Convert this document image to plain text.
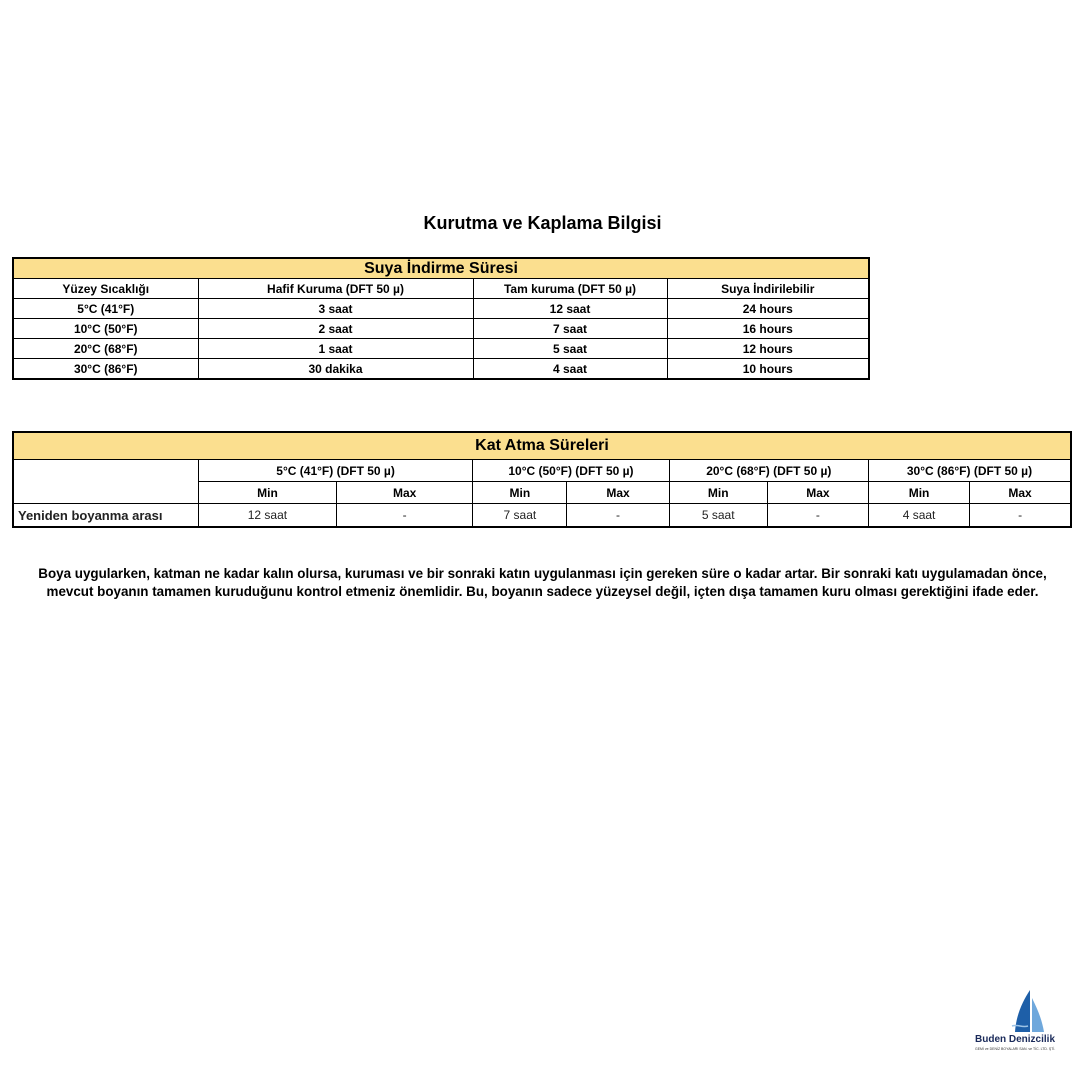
Kurutma ve Kaplama Bilgisi
Suya İndirme Süresi			
Yüzey Sıcaklığı	Hafif Kuruma (DFT 50 µ)	Tam kuruma (DFT 50 µ)	Suya İndirilebilir
5°C (41°F)	3 saat	12 saat	24 hours
10°C (50°F)	2 saat	7 saat	16 hours
20°C (68°F)	1 saat	5 saat	12 hours
30°C (86°F)	30 dakika	4 saat	10 hours
Kat Atma Süreleri								
	5°C (41°F) (DFT 50 µ)		10°C (50°F) (DFT 50 µ)		20°C (68°F) (DFT 50 µ)		30°C (86°F) (DFT 50 µ)	
	Min	Max	Min	Max	Min	Max	Min	Max
Yeniden boyanma arası	12 saat	-	7 saat	-	5 saat	-	4 saat	-
Boya uygularken, katman ne kadar kalın olursa, kuruması ve bir sonraki katın uygulanması için gereken süre o kadar artar. Bir sonraki katı uygulamadan önce, mevcut boyanın tamamen kuruduğunu kontrol etmeniz önemlidir. Bu, boyanın sadece yüzeysel değil, içten dışa tamamen kuru olması gerektiğini ifade eder.
Buden Denizcilik
GEMİ ve DENİZ BOYALARI SAN. ve TİC. LTD. ŞTİ.
